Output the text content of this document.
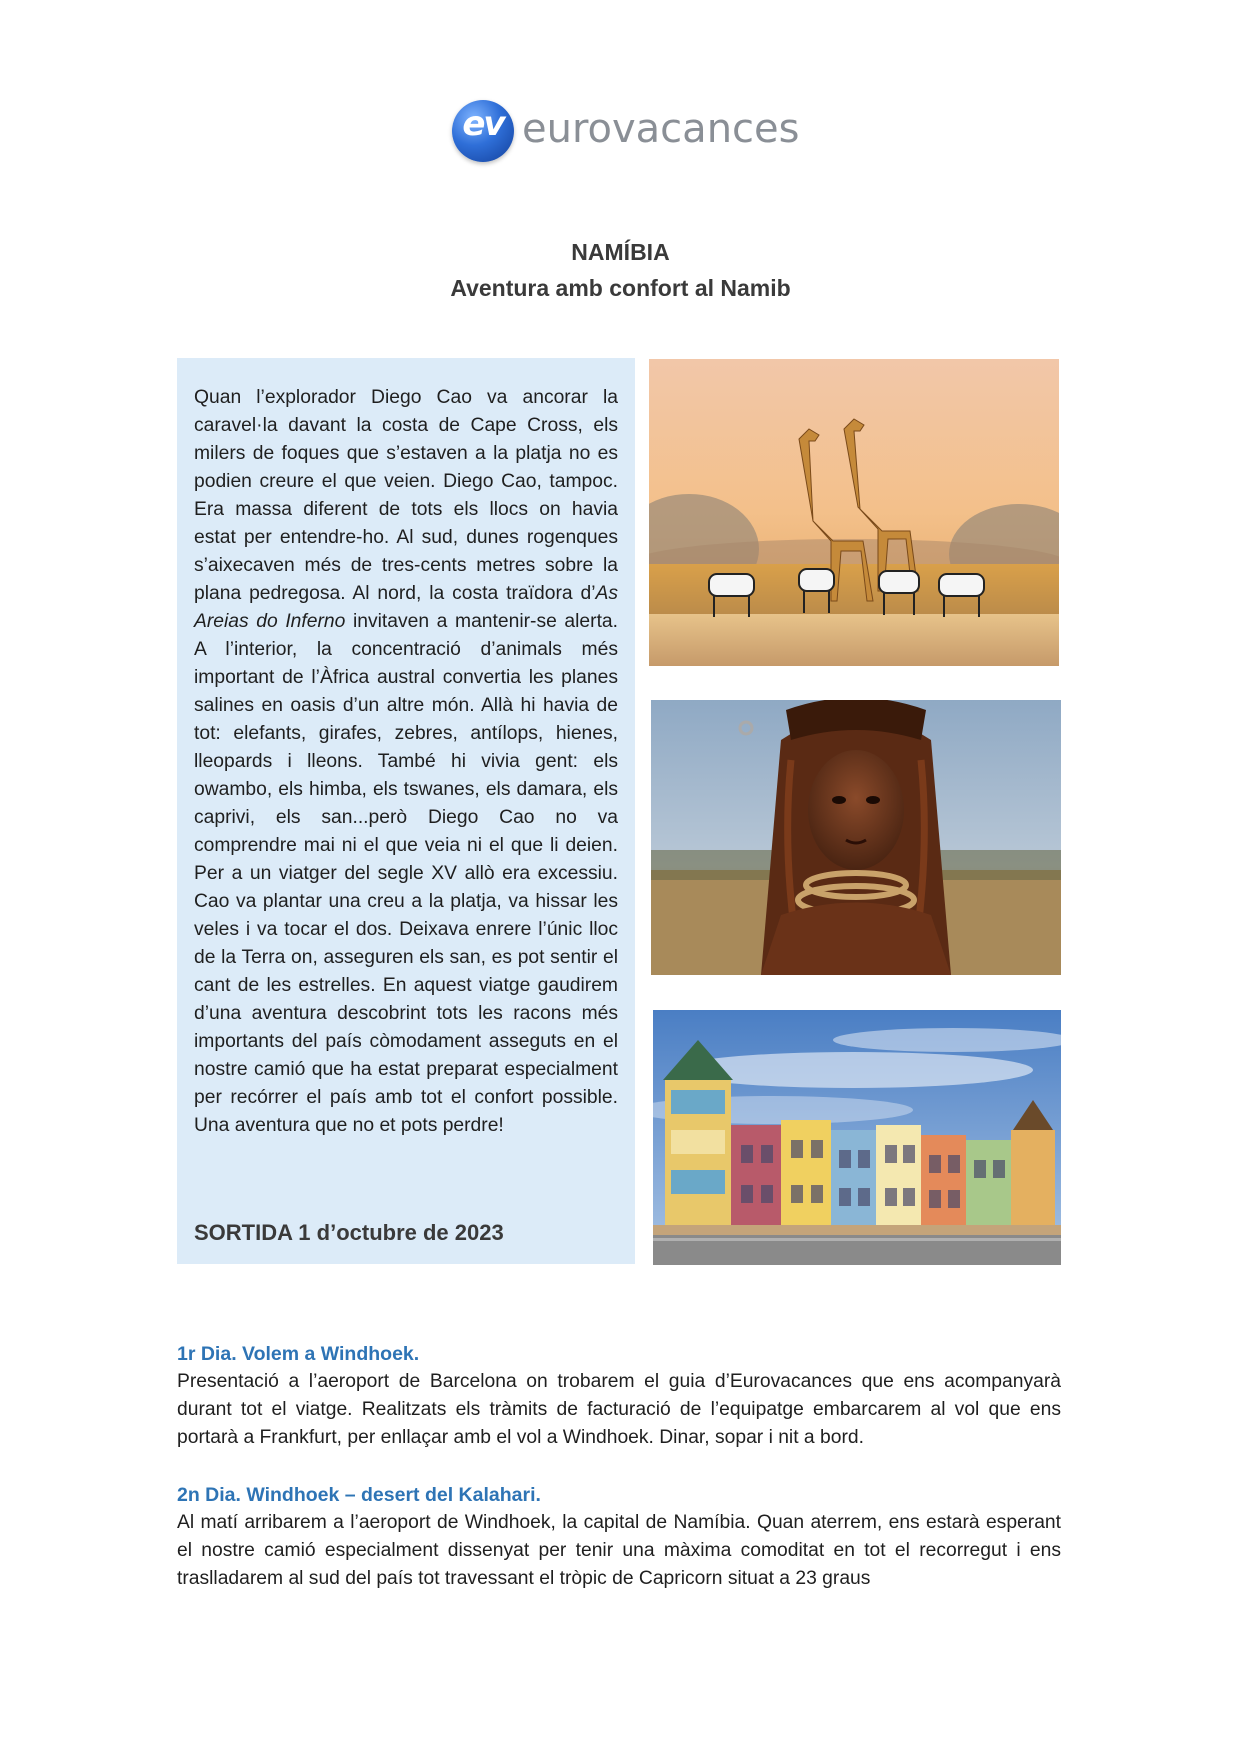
ev eurovacances
NAMÍBIA
Aventura amb confort al Namib
Quan l’explorador Diego Cao va ancorar la caravel·la davant la costa de Cape Cross, els milers de foques que s’estaven a la platja no es podien creure el que veien. Diego Cao, tampoc. Era massa diferent de tots els llocs on havia estat per entendre-ho. Al sud, dunes rogenques s’aixecaven més de tres-cents metres sobre la plana pedregosa. Al nord, la costa traïdora d’As Areias do Inferno invitaven a mantenir-se alerta. A l’interior, la concentració d’animals més important de l’Àfrica austral convertia les planes salines en oasis d’un altre món. Allà hi havia de tot: elefants, girafes, zebres, antílops, hienes, lleopards i lleons. També hi vivia gent: els owambo, els himba, els tswanes, els damara, els caprivi, els san...però Diego Cao no va comprendre mai ni el que veia ni el que li deien. Per a un viatger del segle XV allò era excessiu. Cao va plantar una creu a la platja, va hissar les veles i va tocar el dos. Deixava enrere l’únic lloc de la Terra on, asseguren els san, es pot sentir el cant de les estrelles. En aquest viatge gaudirem d’una aventura descobrint tots les racons més importants del país còmodament asseguts en el nostre camió que ha estat preparat especialment per recórrer el país amb tot el confort possible. Una aventura que no et pots perdre!
SORTIDA 1 d’octubre de 2023
1r Dia. Volem a Windhoek.
Presentació a l’aeroport de Barcelona on trobarem el guia d’Eurovacances que ens acompanyarà durant tot el viatge. Realitzats els tràmits de facturació de l’equipatge embarcarem al vol que ens portarà a Frankfurt, per enllaçar amb el vol a Windhoek. Dinar, sopar i nit a bord.
2n Dia. Windhoek – desert del Kalahari.
Al matí arribarem a l’aeroport de Windhoek, la capital de Namíbia. Quan aterrem, ens estarà esperant el nostre camió especialment dissenyat per tenir una màxima comoditat en tot el recorregut i ens traslladarem al sud del país tot travessant el tròpic de Capricorn situat a 23 graus
